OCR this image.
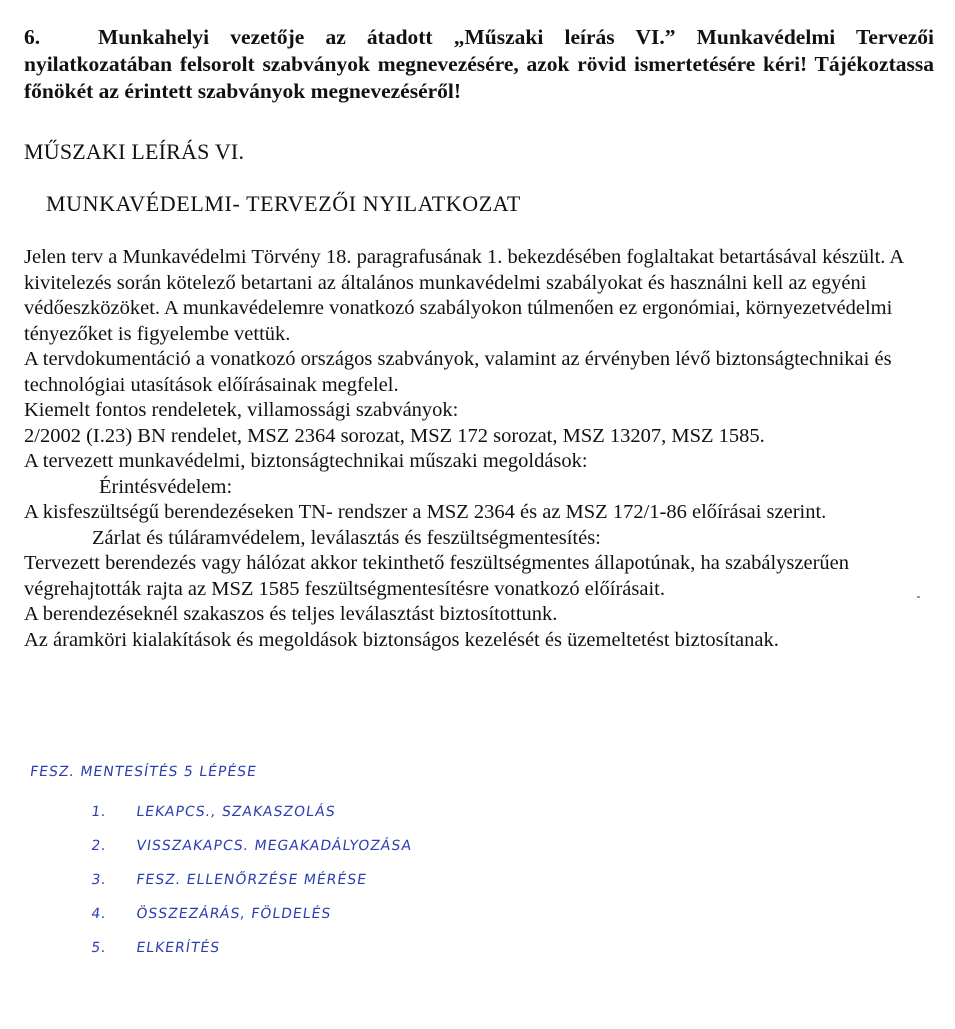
6.	Munkahelyi vezetője az átadott „Műszaki leírás VI.” Munkavédelmi Tervezői nyilatkozatában felsorolt szabványok megnevezésére, azok rövid ismertetésére kéri! Tájékoztassa főnökét az érintett szabványok megnevezéséről!
MŰSZAKI LEÍRÁS VI.
MUNKAVÉDELMI- TERVEZŐI NYILATKOZAT

Jelen terv a Munkavédelmi Törvény 18. paragrafusának 1. bekezdésében foglaltakat betartásával készült. A kivitelezés során kötelező betartani az általános munkavédelmi szabályokat és használni kell az egyéni védőeszközöket. A munkavédelemre vonatkozó szabályokon túlmenően ez ergonómiai, környezetvédelmi tényezőket is figyelembe vettük.

A tervdokumentáció a vonatkozó országos szabványok, valamint az érvényben lévő biztonságtechnikai és technológiai utasítások előírásainak megfelel.

Kiemelt fontos rendeletek, villamossági szabványok:

2/2002 (I.23) BN rendelet, MSZ 2364 sorozat, MSZ 172 sorozat, MSZ 13207, MSZ 1585.

A tervezett munkavédelmi, biztonságtechnikai műszaki megoldások:

Érintésvédelem:

A kisfeszültségű berendezéseken TN- rendszer a MSZ 2364 és az MSZ 172/1-86 előírásai szerint.

Zárlat és túláramvédelem, leválasztás és feszültségmentesítés:

Tervezett berendezés vagy hálózat akkor tekinthető feszültségmentes állapotúnak, ha szabályszerűen végrehajtották rajta az MSZ 1585 feszültségmentesítésre vonatkozó előírásait.

A berendezéseknél szakaszos és teljes leválasztást biztosítottunk.

Az áramköri kialakítások és megoldások biztonságos kezelését és üzemeltetést biztosítanak.

FESZ. MENTESÍTÉS 5 LÉPÉSE
1. LEKAPCS., SZAKASZOLÁS
2. VISSZAKAPCS. MEGAKADÁLYOZÁSA
3. FESZ. ELLENŐRZÉSE MÉRÉSE
4. ÖSSZEZÁRÁS, FÖLDELÉS
5. ELKERÍTÉS
